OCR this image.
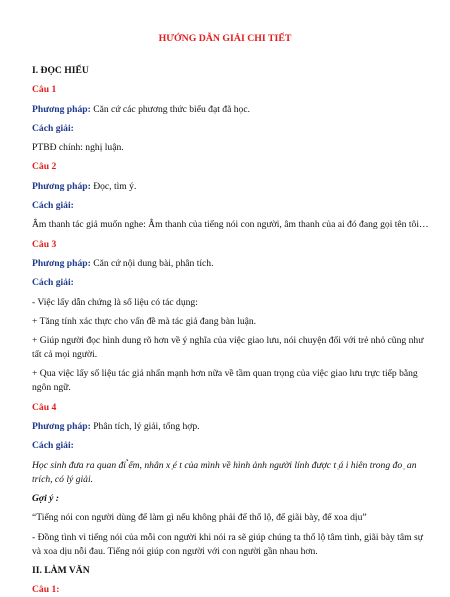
HƯỚNG DẪN GIẢI CHI TIẾT

I. ĐỌC HIỂU

Câu 1

Phương pháp: Căn cứ các phương thức biểu đạt đã học.

Cách giải:

PTBĐ chính: nghị luận.

Câu 2

Phương pháp: Đọc, tìm ý.

Cách giải:

Âm thanh tác giả muốn nghe: Âm thanh của tiếng nói con người, âm thanh của ai đó đang gọi tên tôi…

Câu 3

Phương pháp: Căn cứ nội dung bài, phân tích.

Cách giải:

- Việc lấy dẫn chứng là số liệu có tác dụng:

+ Tăng tính xác thực cho vấn đề mà tác giả đang bàn luận.

+ Giúp người đọc hình dung rõ hơn về ý nghĩa của việc giao lưu, nói chuyện đối với trẻ nhỏ cũng như tất cả mọi người.

+ Qua việc lấy số liệu tác giả nhấn mạnh hơn nữa về tầm quan trọng của việc giao lưu trực tiếp bằng ngôn ngữ.

Câu 4

Phương pháp: Phân tích, lý giải, tổng hợp.

Cách giải:

Học sinh đưa ra quan đi ̉ểm, nhân x ̣é t của mình về hình ảnh người lính được t ̣á i hiên trong đo ̣ an trích, có lý giải.

Gợi ý :

“Tiếng nói con người dùng để làm gì nếu không phải để thổ lộ, để giãi bày, để xoa dịu”

- Đồng tình vì tiếng nói của mỗi con người khi nói ra sẽ giúp chúng ta thổ lộ tâm tình, giãi bày tâm sự và xoa dịu nỗi đau. Tiếng nói giúp con người với con người gần nhau hơn.

II. LÀM VĂN

Câu 1:
